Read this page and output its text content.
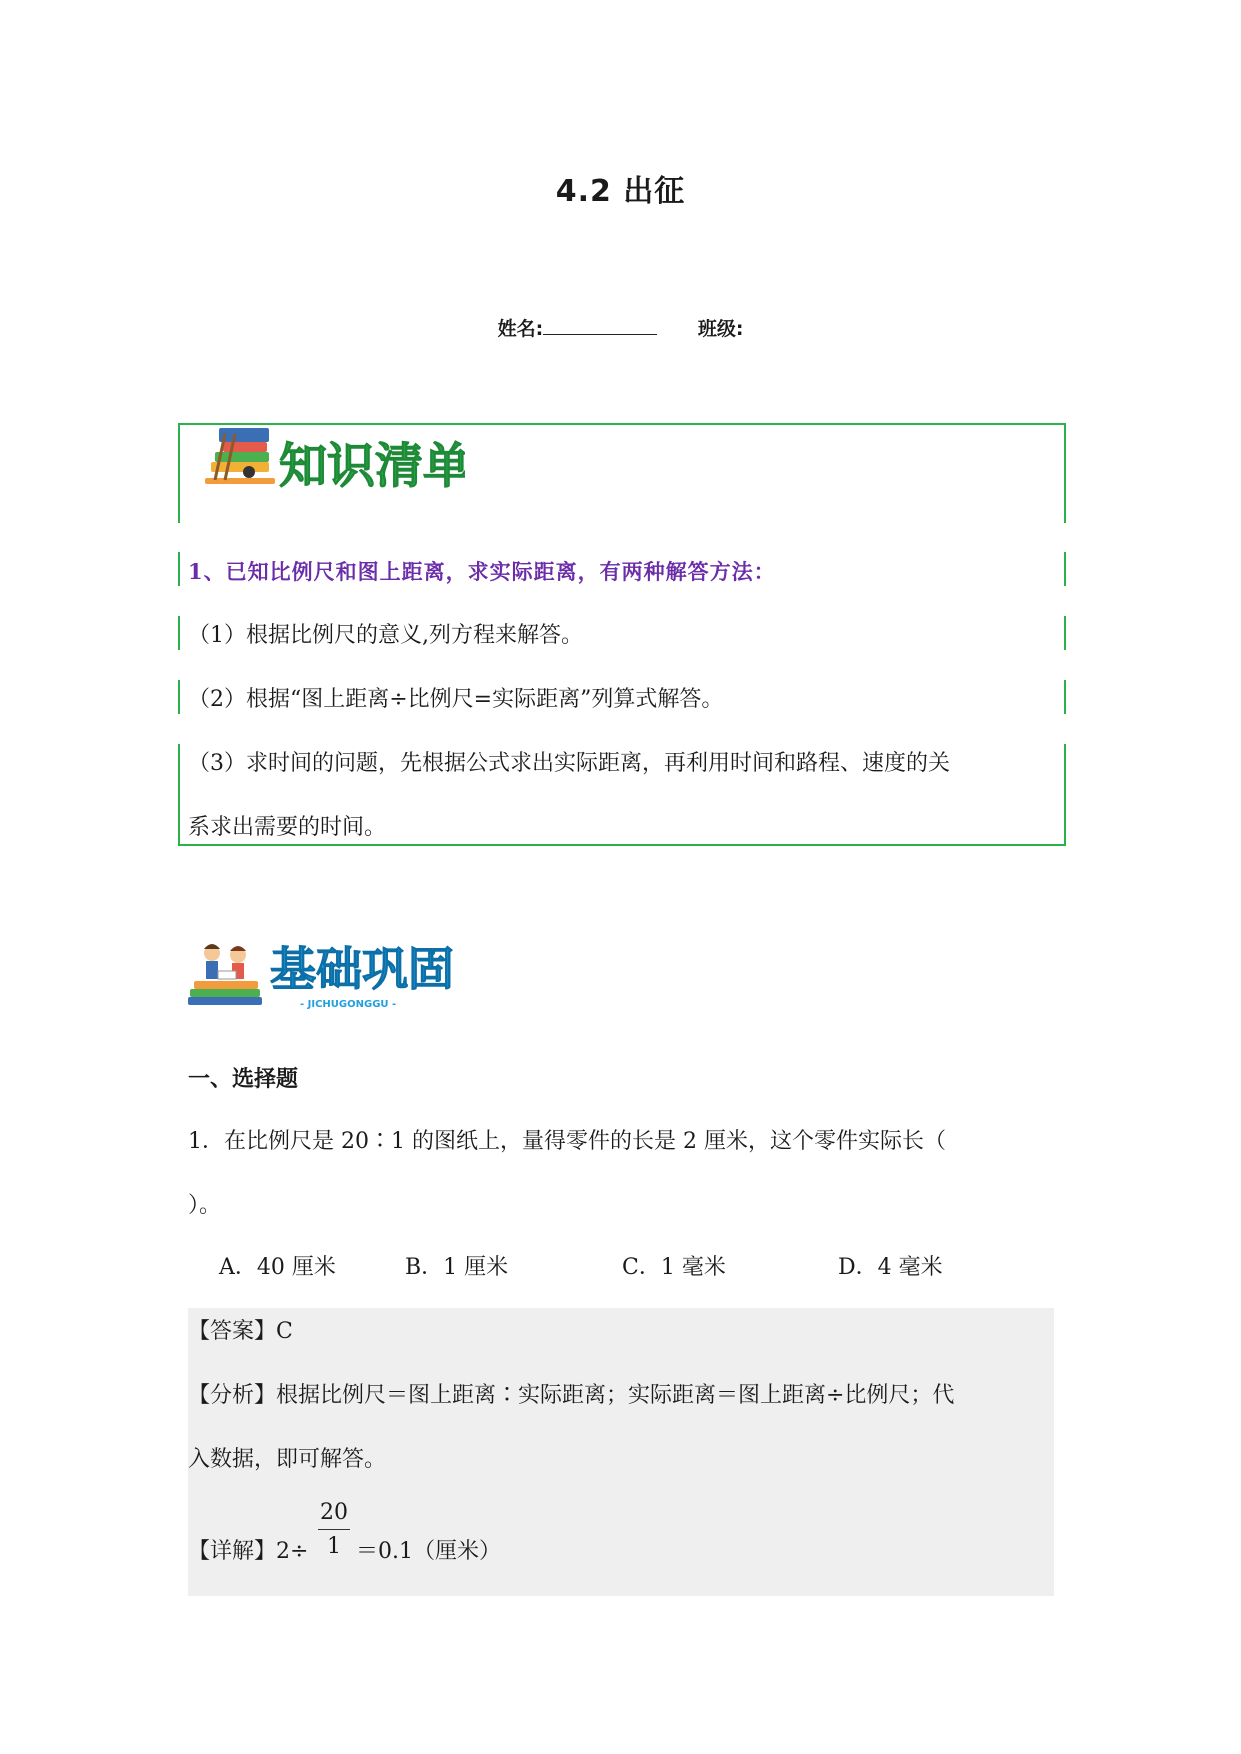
4.2 出征
姓名:	班级:
知识清单
1、已知比例尺和图上距离，求实际距离，有两种解答方法：
（1）根据比例尺的意义,列方程来解答。
（2）根据“图上距离÷比例尺=实际距离”列算式解答。
（3）求时间的问题，先根据公式求出实际距离，再利用时间和路程、速度的关
系求出需要的时间。
基础巩固
- JICHUGONGGU -
一、选择题
1．在比例尺是 20∶1 的图纸上，量得零件的长是 2 厘米，这个零件实际长（
）。
A．40 厘米	B．1 厘米	C．1 毫米	D．4 毫米
【答案】C
【分析】根据比例尺＝图上距离∶实际距离；实际距离＝图上距离÷比例尺；代
入数据，即可解答。
【详解】2÷
20
1 ＝0.1（厘米）
